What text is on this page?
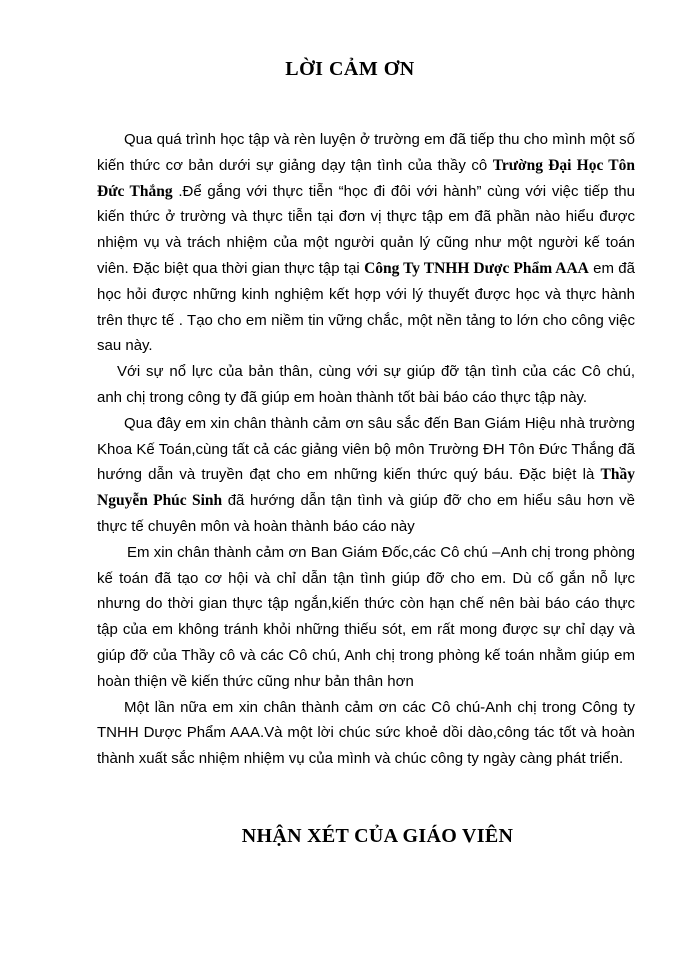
LỜI CẢM ƠN

Qua quá trình học tập và rèn luyện ở trường em đã tiếp thu cho mình một số kiến thức cơ bản dưới sự giảng dạy tận tình của thầy cô Trường Đại Học Tôn Đức Thắng .Để gắng với thực tiễn “học đi đôi với hành” cùng với việc tiếp thu kiến thức ở trường và thực tiễn tại đơn vị thực tập em đã phần nào hiểu được nhiệm vụ và trách nhiệm của một người quản lý cũng như một người kế toán viên. Đặc biệt qua thời gian thực tập tại Công Ty TNHH Dược Phẩm AAA em đã học hỏi được những kinh nghiệm kết hợp với lý thuyết được học và thực hành trên thực tế . Tạo cho em niềm tin vững chắc, một nền tảng to lớn cho công việc sau này.

Với sự nổ lực của bản thân, cùng với sự giúp đỡ tận tình của các Cô chú, anh chị trong công ty đã giúp em hoàn thành tốt bài báo cáo thực tập này.

Qua đây em xin chân thành cảm ơn sâu sắc đến Ban Giám Hiệu nhà trường Khoa Kế Toán,cùng tất cả các giảng viên bộ môn Trường ĐH Tôn Đức Thắng đã hướng dẫn và truyền đạt cho em những kiến thức quý báu. Đặc biệt là Thầy Nguyễn Phúc Sinh đã hướng dẫn tận tình và giúp đỡ cho em hiểu sâu hơn về thực tế chuyên môn và hoàn thành báo cáo này

Em xin chân thành cảm ơn Ban Giám Đốc,các Cô chú –Anh chị trong phòng kế toán đã tạo cơ hội và chỉ dẫn tận tình giúp đỡ cho em. Dù cố gắn nỗ lực nhưng do thời gian thực tập ngắn,kiến thức còn hạn chế nên bài báo cáo thực tập của em không tránh khỏi những thiếu sót, em rất mong được sự chỉ dạy và giúp đỡ của Thầy cô và các Cô chú, Anh chị trong phòng kế toán nhằm giúp em hoàn thiện về kiến thức cũng như bản thân hơn

Một lần nữa em xin chân thành cảm ơn các Cô chú-Anh chị trong Công ty TNHH Dược Phẩm AAA.Và một lời chúc sức khoẻ dồi dào,công tác tốt và hoàn thành xuất sắc nhiệm nhiệm vụ của mình và chúc công ty ngày càng phát triển.

NHẬN XÉT CỦA GIÁO VIÊN
